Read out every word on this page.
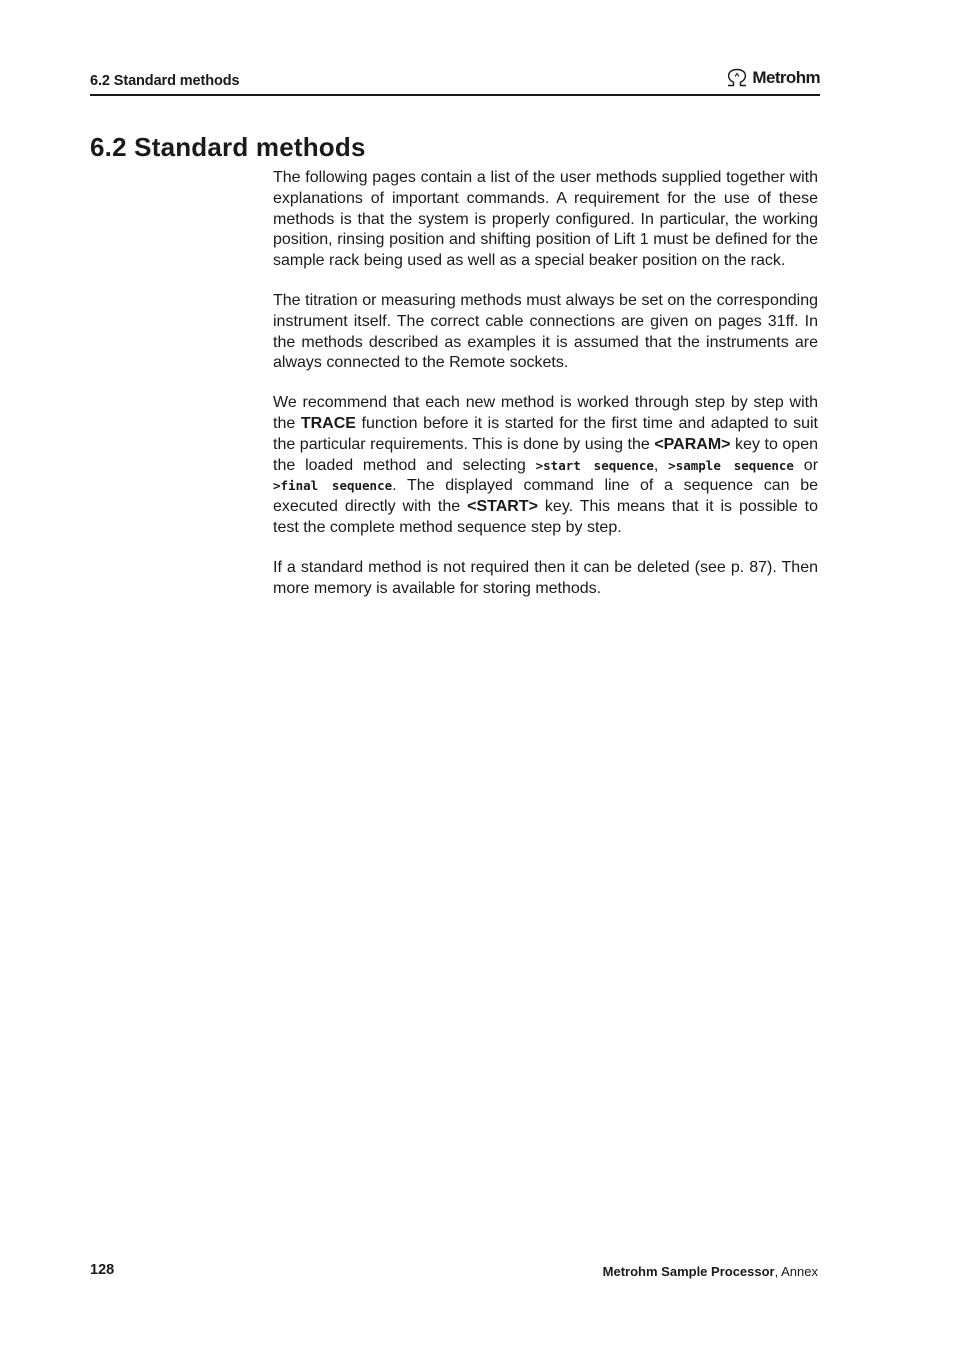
6.2 Standard methods	Metrohm
6.2 Standard methods

The following pages contain a list of the user methods supplied together with explanations of important commands. A requirement for the use of these methods is that the system is properly configured. In particular, the working position, rinsing position and shifting position of Lift 1 must be defined for the sample rack being used as well as a special beaker position on the rack.

The titration or measuring methods must always be set on the corresponding instrument itself. The correct cable connections are given on pages 31ff. In the methods described as examples it is assumed that the instruments are always connected to the Remote sockets.

We recommend that each new method is worked through step by step with the TRACE function before it is started for the first time and adapted to suit the particular requirements. This is done by using the <PARAM> key to open the loaded method and selecting >start sequence, >sample sequence or >final sequence. The displayed command line of a sequence can be executed directly with the <START> key. This means that it is possible to test the complete method sequence step by step.

If a standard method is not required then it can be deleted (see p. 87). Then more memory is available for storing methods.

128	Metrohm Sample Processor, Annex
